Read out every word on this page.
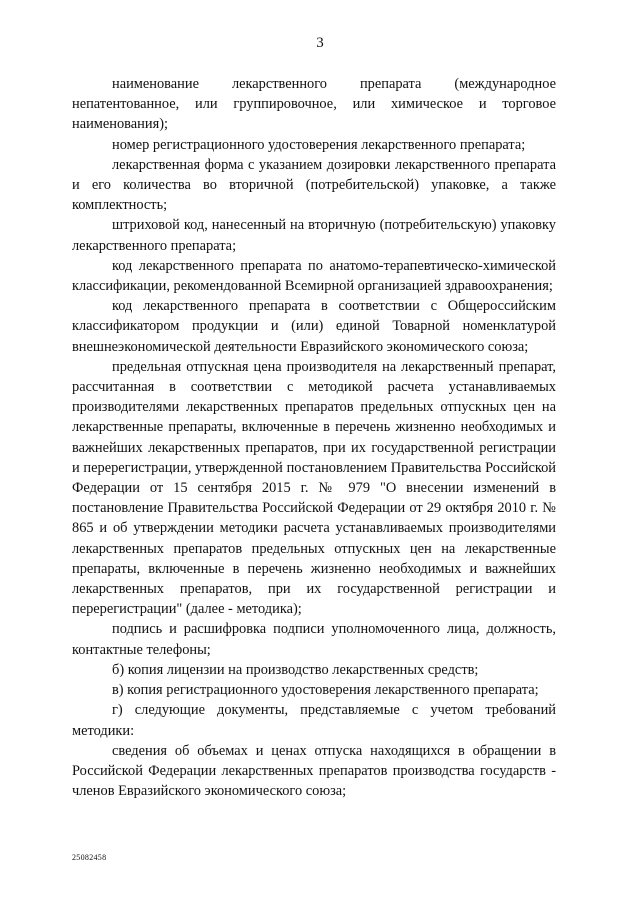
3

наименование лекарственного препарата (международное непатентованное, или группировочное, или химическое и торговое наименования);

номер регистрационного удостоверения лекарственного препарата;

лекарственная форма с указанием дозировки лекарственного препарата и его количества во вторичной (потребительской) упаковке, а также комплектность;

штриховой код, нанесенный на вторичную (потребительскую) упаковку лекарственного препарата;

код лекарственного препарата по анатомо-терапевтическо-химической классификации, рекомендованной Всемирной организацией здравоохранения;

код лекарственного препарата в соответствии с Общероссийским классификатором продукции и (или) единой Товарной номенклатурой внешнеэкономической деятельности Евразийского экономического союза;

предельная отпускная цена производителя на лекарственный препарат, рассчитанная в соответствии с методикой расчета устанавливаемых производителями лекарственных препаратов предельных отпускных цен на лекарственные препараты, включенные в перечень жизненно необходимых и важнейших лекарственных препаратов, при их государственной регистрации и перерегистрации, утвержденной постановлением Правительства Российской Федерации от 15 сентября 2015 г. № 979 "О внесении изменений в постановление Правительства Российской Федерации от 29 октября 2010 г. № 865 и об утверждении методики расчета устанавливаемых производителями лекарственных препаратов предельных отпускных цен на лекарственные препараты, включенные в перечень жизненно необходимых и важнейших лекарственных препаратов, при их государственной регистрации и перерегистрации" (далее - методика);

подпись и расшифровка подписи уполномоченного лица, должность, контактные телефоны;

б) копия лицензии на производство лекарственных средств;

в) копия регистрационного удостоверения лекарственного препарата;

г) следующие документы, представляемые с учетом требований методики:

сведения об объемах и ценах отпуска находящихся в обращении в Российской Федерации лекарственных препаратов производства государств - членов Евразийского экономического союза;

25082458
